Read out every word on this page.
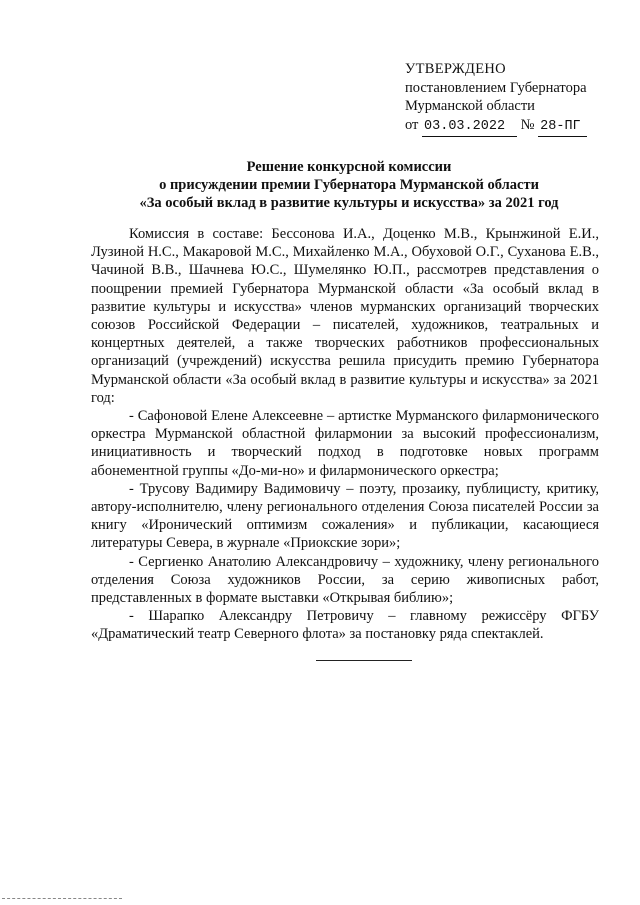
УТВЕРЖДЕНО
постановлением Губернатора
Мурманской области
от 03.03.2022 № 28-ПГ
Решение конкурсной комиссии
о присуждении премии Губернатора Мурманской области
«За особый вклад в развитие культуры и искусства» за 2021 год

Комиссия в составе: Бессонова И.А., Доценко М.В., Крынжиной Е.И., Лузиной Н.С., Макаровой М.С., Михайленко М.А., Обуховой О.Г., Суханова Е.В., Чачиной В.В., Шачнева Ю.С., Шумелянко Ю.П., рассмотрев представления о поощрении премией Губернатора Мурманской области «За особый вклад в развитие культуры и искусства» членов мурманских организаций творческих союзов Российской Федерации – писателей, художников, театральных и концертных деятелей, а также творческих работников профессиональных организаций (учреждений) искусства решила присудить премию Губернатора Мурманской области «За особый вклад в развитие культуры и искусства» за 2021 год:

- Сафоновой Елене Алексеевне – артистке Мурманского филармонического оркестра Мурманской областной филармонии за высокий профессионализм, инициативность и творческий подход в подготовке новых программ абонементной группы «До-ми-но» и филармонического оркестра;

- Трусову Вадимиру Вадимовичу – поэту, прозаику, публицисту, критику, автору-исполнителю, члену регионального отделения Союза писателей России за книгу «Иронический оптимизм сожаления» и публикации, касающиеся литературы Севера, в журнале «Приокские зори»;

- Сергиенко Анатолию Александровичу – художнику, члену регионального отделения Союза художников России, за серию живописных работ, представленных в формате выставки «Открывая библию»;

- Шарапко Александру Петровичу – главному режиссёру ФГБУ «Драматический театр Северного флота» за постановку ряда спектаклей.
